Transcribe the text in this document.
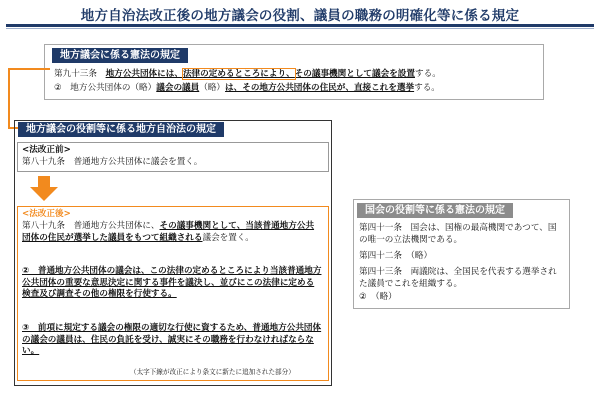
地方自治法改正後の地方議会の役割、議員の職務の明確化等に係る規定
地方議会に係る憲法の規定
第九十三条　地方公共団体には、法律の定めるところにより、その議事機関として議会を設置する。
②　地方公共団体の（略）議会の議員（略）は、その地方公共団体の住民が、直接これを選挙する。
地方議会の役割等に係る地方自治法の規定
<法改正前>
第八十九条　普通地方公共団体に議会を置く。
<法改正後>
第八十九条　普通地方公共団体に、その議事機関として、当該普通地方公共団体の住民が選挙した議員をもつて組織される議会を置く。
②　普通地方公共団体の議会は、この法律の定めるところにより当該普通地方公共団体の重要な意思決定に関する事件を議決し、並びにこの法律に定める検査及び調査その他の権限を行使する。
③　前項に規定する議会の権限の適切な行使に資するため、普通地方公共団体の議会の議員は、住民の負託を受け、誠実にその職務を行わなければならない。
（太字下線が改正により条文に新たに追加された部分）
国会の役割等に係る憲法の規定
第四十一条　国会は、国権の最高機関であつて、国の唯一の立法機関である。
第四十二条　（略）
第四十三条　両議院は、全国民を代表する選挙された議員でこれを組織する。
②　（略）
